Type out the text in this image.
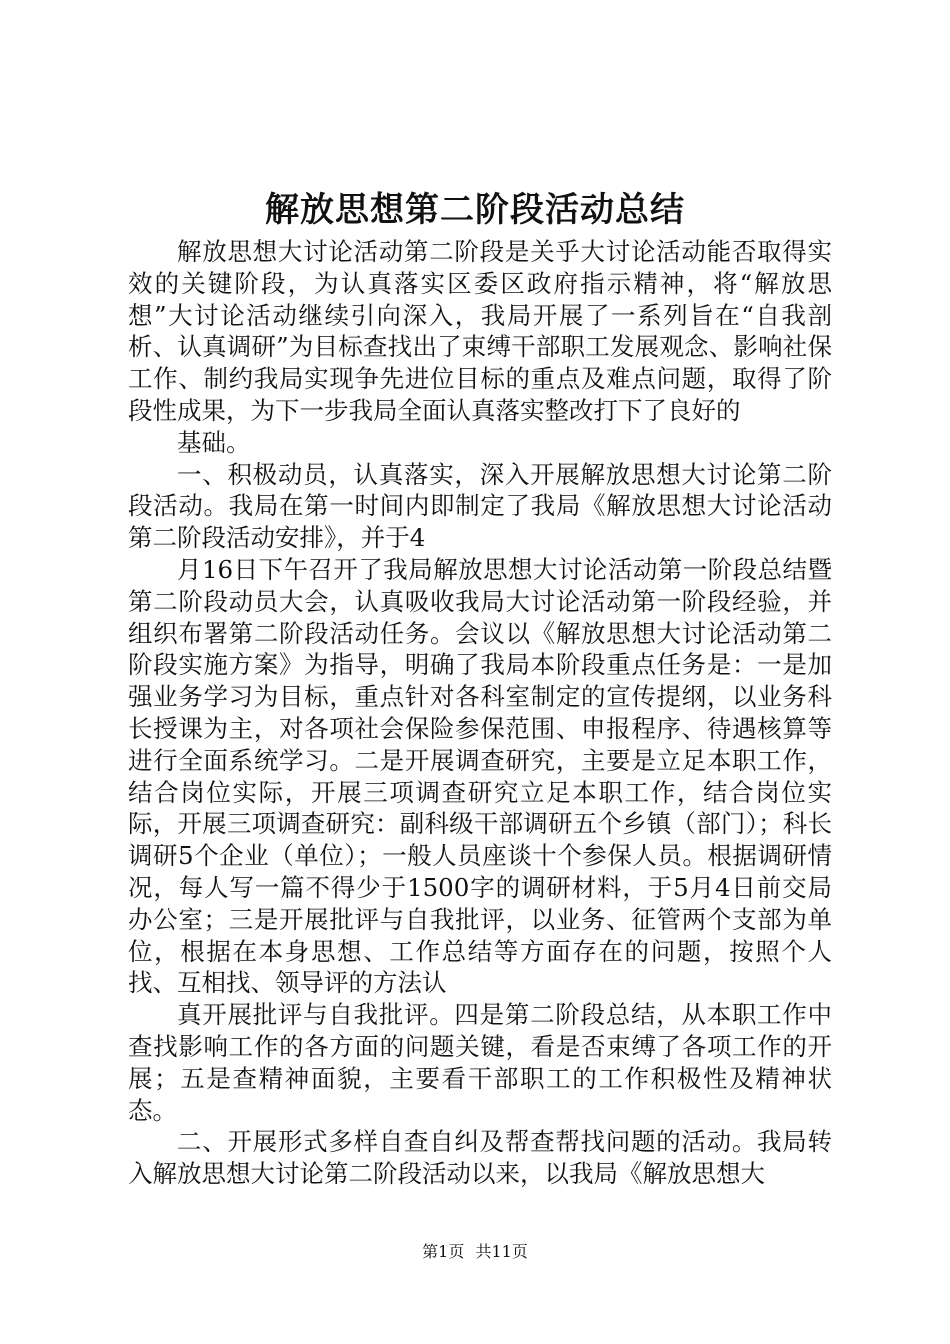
解放思想第二阶段活动总结

解放思想大讨论活动第二阶段是关乎大讨论活动能否取得实效的关键阶段，为认真落实区委区政府指示精神，将“解放思想”大讨论活动继续引向深入，我局开展了一系列旨在“自我剖析、认真调研”为目标查找出了束缚干部职工发展观念、影响社保工作、制约我局实现争先进位目标的重点及难点问题，取得了阶段性成果，为下一步我局全面认真落实整改打下了良好的

基础。

一、积极动员，认真落实，深入开展解放思想大讨论第二阶段活动。我局在第一时间内即制定了我局《解放思想大讨论活动第二阶段活动安排》，并于4

月16日下午召开了我局解放思想大讨论活动第一阶段总结暨第二阶段动员大会，认真吸收我局大讨论活动第一阶段经验，并组织布署第二阶段活动任务。会议以《解放思想大讨论活动第二阶段实施方案》为指导，明确了我局本阶段重点任务是：一是加强业务学习为目标，重点针对各科室制定的宣传提纲，以业务科长授课为主，对各项社会保险参保范围、申报程序、待遇核算等进行全面系统学习。二是开展调查研究，主要是立足本职工作，结合岗位实际，开展三项调查研究立足本职工作，结合岗位实际，开展三项调查研究：副科级干部调研五个乡镇（部门）；科长调研5个企业（单位）；一般人员座谈十个参保人员。根据调研情况，每人写一篇不得少于1500字的调研材料，于5月4日前交局办公室；三是开展批评与自我批评，以业务、征管两个支部为单位，根据在本身思想、工作总结等方面存在的问题，按照个人找、互相找、领导评的方法认

真开展批评与自我批评。四是第二阶段总结，从本职工作中查找影响工作的各方面的问题关键，看是否束缚了各项工作的开展；五是查精神面貌，主要看干部职工的工作积极性及精神状态。

二、开展形式多样自查自纠及帮查帮找问题的活动。我局转入解放思想大讨论第二阶段活动以来，以我局《解放思想大

第1页 共11页
